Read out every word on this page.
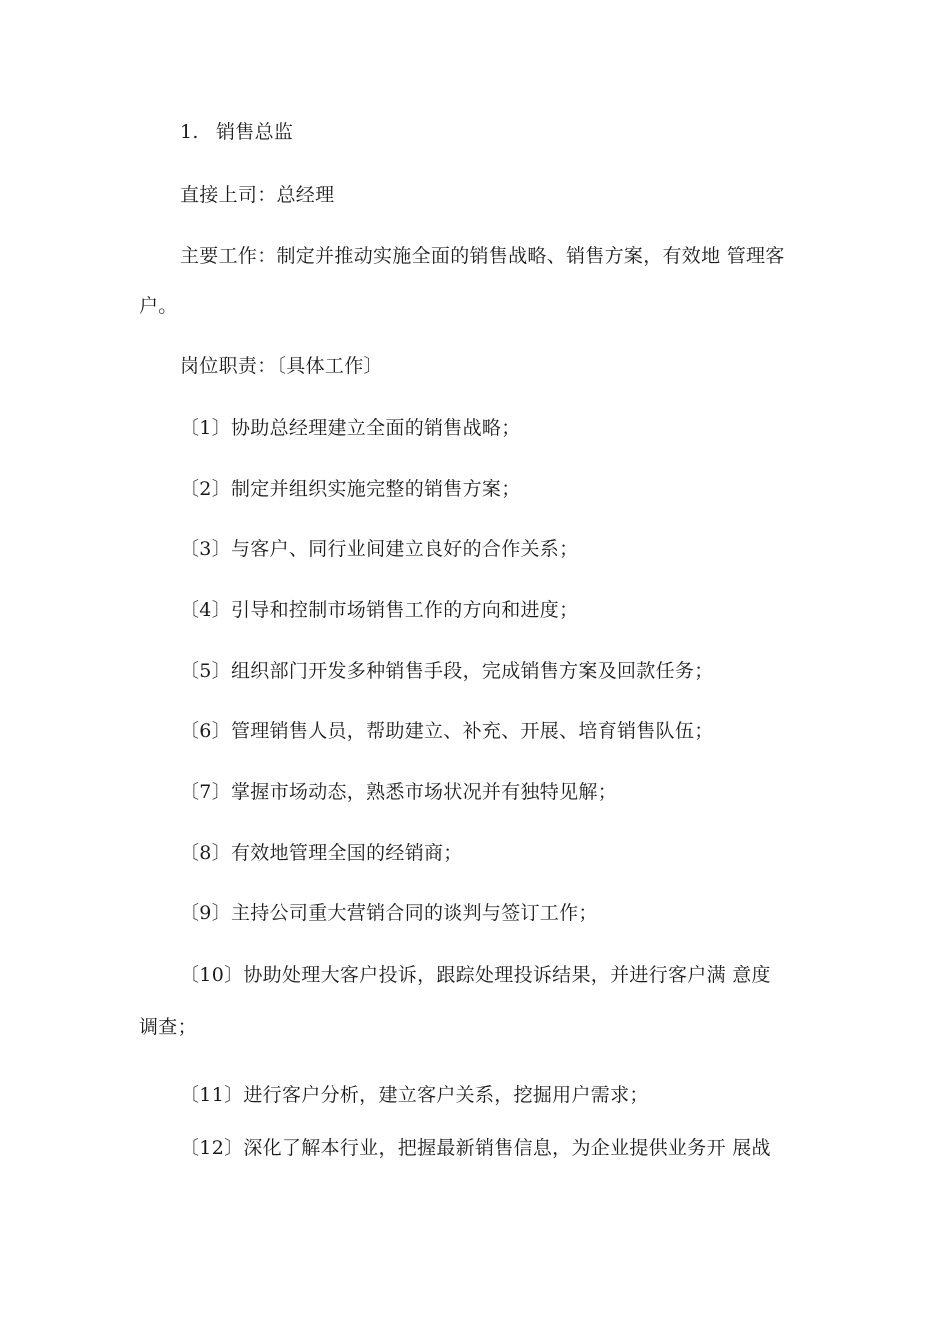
1. 销售总监
直接上司：总经理
主要工作：制定并推动实施全面的销售战略、销售方案，有效地 管理客
户。
岗位职责：〔具体工作〕
〔1〕协助总经理建立全面的销售战略；
〔2〕制定并组织实施完整的销售方案；
〔3〕与客户、同行业间建立良好的合作关系；
〔4〕引导和控制市场销售工作的方向和进度；
〔5〕组织部门开发多种销售手段，完成销售方案及回款任务；
〔6〕管理销售人员，帮助建立、补充、开展、培育销售队伍；
〔7〕掌握市场动态，熟悉市场状况并有独特见解；
〔8〕有效地管理全国的经销商；
〔9〕主持公司重大营销合同的谈判与签订工作；
〔10〕协助处理大客户投诉，跟踪处理投诉结果，并进行客户满 意度
调查；
〔11〕进行客户分析，建立客户关系，挖掘用户需求；
〔12〕深化了解本行业，把握最新销售信息，为企业提供业务开 展战
